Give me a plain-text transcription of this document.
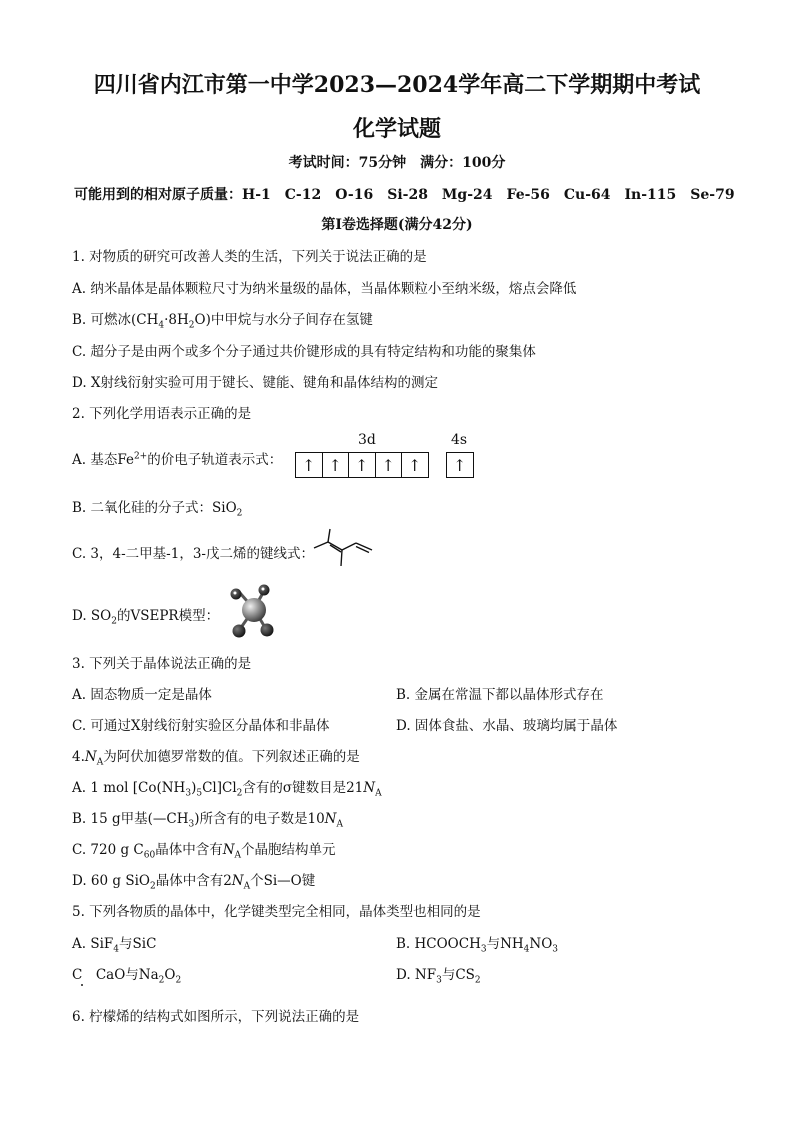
四川省内江市第一中学2023—2024学年高二下学期期中考试
化学试题
考试时间：75分钟　满分：100分
可能用到的相对原子质量：H-1　C-12　O-16　Si-28　Mg-24　Fe-56　Cu-64　In-115　Se-79
第Ⅰ卷选择题(满分42分)
1. 对物质的研究可改善人类的生活，下列关于说法正确的是
A. 纳米晶体是晶体颗粒尺寸为纳米量级的晶体，当晶体颗粒小至纳米级，熔点会降低
B. 可燃冰$(CH_4\cdot 8H_2O)$中甲烷与水分子间存在氢键
C. 超分子是由两个或多个分子通过共价键形成的具有特定结构和功能的聚集体
D. X射线衍射实验可用于键长、键能、键角和晶体结构的测定
2. 下列化学用语表示正确的是
A. 基态$Fe^{2+}$的价电子轨道表示式：
3d	4s
↑ ↑ ↑ ↑ ↑	↑
B. 二氧化硅的分子式：SiO$_2$
C. 3，4-二甲基-1，3-戊二烯的键线式：
D. $SO_2$的VSEPR模型：
3. 下列关于晶体说法正确的是
A. 固态物质一定是晶体	B. 金属在常温下都以晶体形式存在
C. 可通过X射线衍射实验区分晶体和非晶体	D. 固体食盐、水晶、玻璃均属于晶体
$4.N_A$为阿伏加德罗常数的值。下列叙述正确的是
A. 1 mol $[Co(NH_3)_5Cl]Cl_2$含有的σ键数目是$21N_A$
B. 15 g甲基$(—CH_3)$所含有的电子数是$10N_A$
C. 720 g $C_{60}$晶体中含有$N_A$个晶胞结构单元
D. 60 g SiO$_2$晶体中含有$2N_A$个Si—O键
5. 下列各物质的晶体中，化学键类型完全相同，晶体类型也相同的是
A. SiF$_4$与SiC	B. $HCOOCH_3$与$NH_4NO_3$
C　CaO与$Na_2O_2$	D. $NF_3$与$CS_2$
6. 柠檬烯的结构式如图所示，下列说法正确的是
